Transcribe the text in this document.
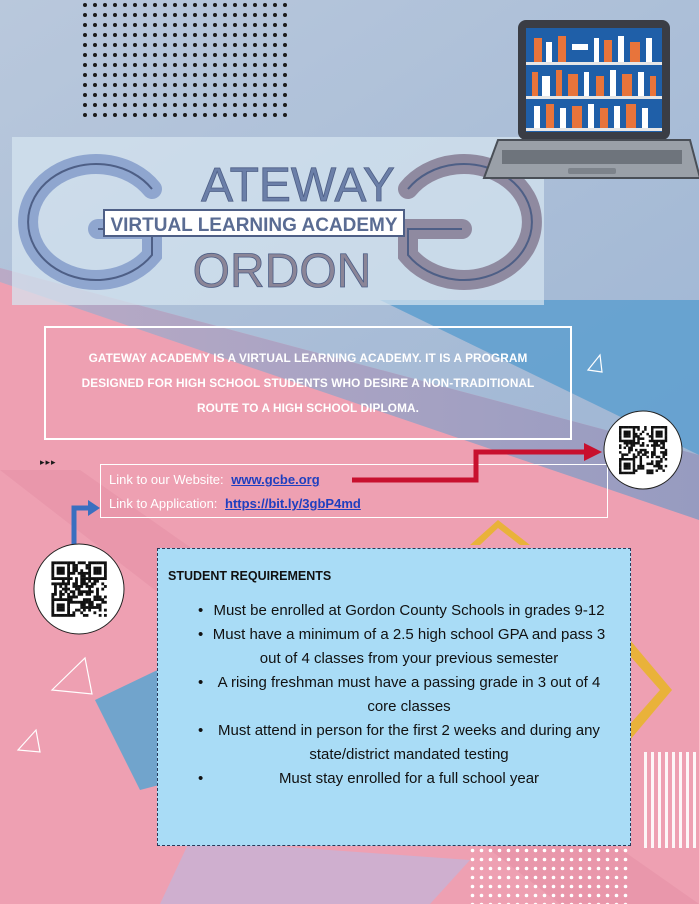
VIRTUAL LEARNING ACADEMY
ATEWAY
ORDON
GATEWAY ACADEMY IS A VIRTUAL LEARNING ACADEMY. IT IS A PROGRAM DESIGNED FOR HIGH SCHOOL STUDENTS WHO DESIRE A NON-TRADITIONAL ROUTE TO A HIGH SCHOOL DIPLOMA.
▸▸▸
Link to our Website: www.gcbe.org
Link to Application: https://bit.ly/3gbP4md
STUDENT REQUIREMENTS
• Must be enrolled at Gordon County Schools in grades 9-12
• Must have a minimum of a 2.5 high school GPA and pass 3 out of 4 classes from your previous semester
• A rising freshman must have a passing grade in 3 out of 4 core classes
• Must attend in person for the first 2 weeks and during any state/district mandated testing
• Must stay enrolled for a full school year
